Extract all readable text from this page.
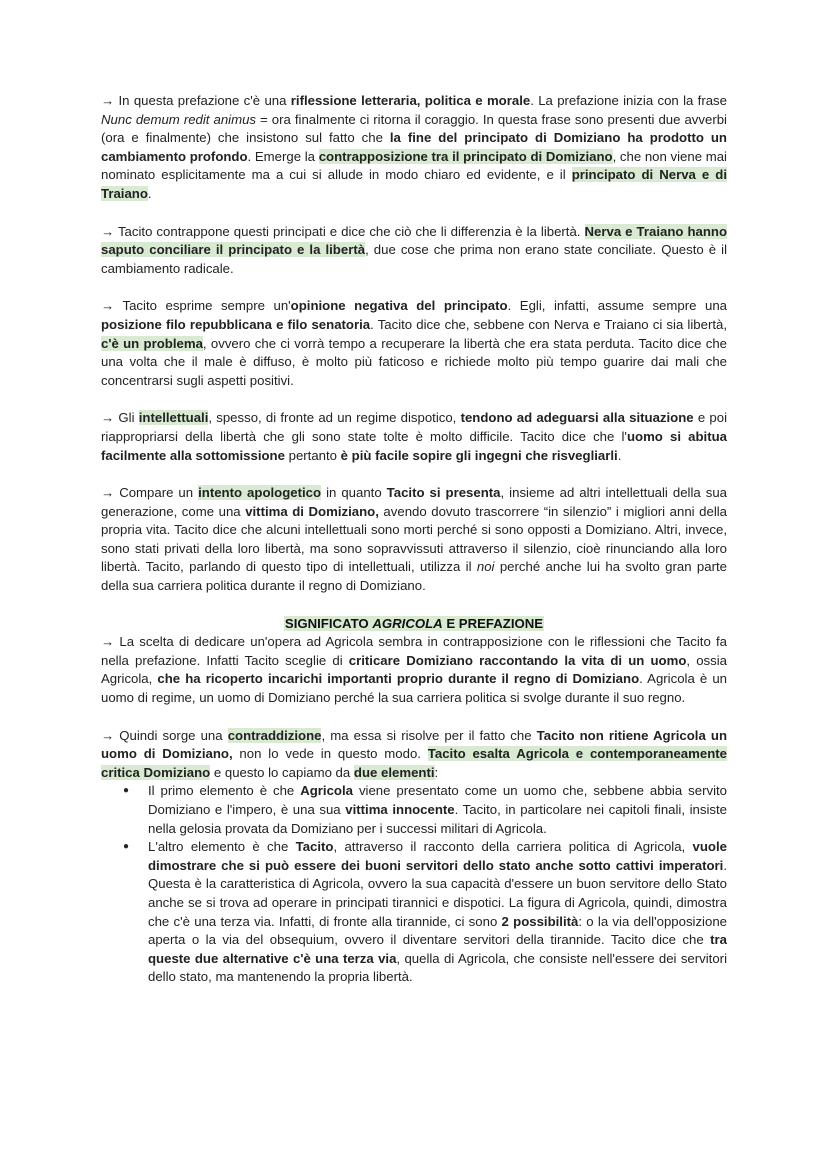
→ In questa prefazione c'è una riflessione letteraria, politica e morale. La prefazione inizia con la frase Nunc demum redit animus = ora finalmente ci ritorna il coraggio. In questa frase sono presenti due avverbi (ora e finalmente) che insistono sul fatto che la fine del principato di Domiziano ha prodotto un cambiamento profondo. Emerge la contrapposizione tra il principato di Domiziano, che non viene mai nominato esplicitamente ma a cui si allude in modo chiaro ed evidente, e il principato di Nerva e di Traiano.

→ Tacito contrappone questi principati e dice che ciò che li differenzia è la libertà. Nerva e Traiano hanno saputo conciliare il principato e la libertà, due cose che prima non erano state conciliate. Questo è il cambiamento radicale.

→ Tacito esprime sempre un'opinione negativa del principato. Egli, infatti, assume sempre una posizione filo repubblicana e filo senatoria. Tacito dice che, sebbene con Nerva e Traiano ci sia libertà, c'è un problema, ovvero che ci vorrà tempo a recuperare la libertà che era stata perduta. Tacito dice che una volta che il male è diffuso, è molto più faticoso e richiede molto più tempo guarire dai mali che concentrarsi sugli aspetti positivi.

→ Gli intellettuali, spesso, di fronte ad un regime dispotico, tendono ad adeguarsi alla situazione e poi riappropriarsi della libertà che gli sono state tolte è molto difficile. Tacito dice che l'uomo si abitua facilmente alla sottomissione pertanto è più facile sopire gli ingegni che risvegliarli.

→ Compare un intento apologetico in quanto Tacito si presenta, insieme ad altri intellettuali della sua generazione, come una vittima di Domiziano, avendo dovuto trascorrere “in silenzio” i migliori anni della propria vita. Tacito dice che alcuni intellettuali sono morti perché si sono opposti a Domiziano. Altri, invece, sono stati privati della loro libertà, ma sono sopravvissuti attraverso il silenzio, cioè rinunciando alla loro libertà. Tacito, parlando di questo tipo di intellettuali, utilizza il noi perché anche lui ha svolto gran parte della sua carriera politica durante il regno di Domiziano.

SIGNIFICATO AGRICOLA E PREFAZIONE

→ La scelta di dedicare un'opera ad Agricola sembra in contrapposizione con le riflessioni che Tacito fa nella prefazione. Infatti Tacito sceglie di criticare Domiziano raccontando la vita di un uomo, ossia Agricola, che ha ricoperto incarichi importanti proprio durante il regno di Domiziano. Agricola è un uomo di regime, un uomo di Domiziano perché la sua carriera politica si svolge durante il suo regno.

→ Quindi sorge una contraddizione, ma essa si risolve per il fatto che Tacito non ritiene Agricola un uomo di Domiziano, non lo vede in questo modo. Tacito esalta Agricola e contemporaneamente critica Domiziano e questo lo capiamo da due elementi:

● Il primo elemento è che Agricola viene presentato come un uomo che, sebbene abbia servito Domiziano e l'impero, è una sua vittima innocente. Tacito, in particolare nei capitoli finali, insiste nella gelosia provata da Domiziano per i successi militari di Agricola.
● L'altro elemento è che Tacito, attraverso il racconto della carriera politica di Agricola, vuole dimostrare che si può essere dei buoni servitori dello stato anche sotto cattivi imperatori. Questa è la caratteristica di Agricola, ovvero la sua capacità d'essere un buon servitore dello Stato anche se si trova ad operare in principati tirannici e dispotici. La figura di Agricola, quindi, dimostra che c'è una terza via. Infatti, di fronte alla tirannide, ci sono 2 possibilità: o la via dell'opposizione aperta o la via del obsequium, ovvero il diventare servitori della tirannide. Tacito dice che tra queste due alternative c'è una terza via, quella di Agricola, che consiste nell'essere dei servitori dello stato, ma mantenendo la propria libertà.
